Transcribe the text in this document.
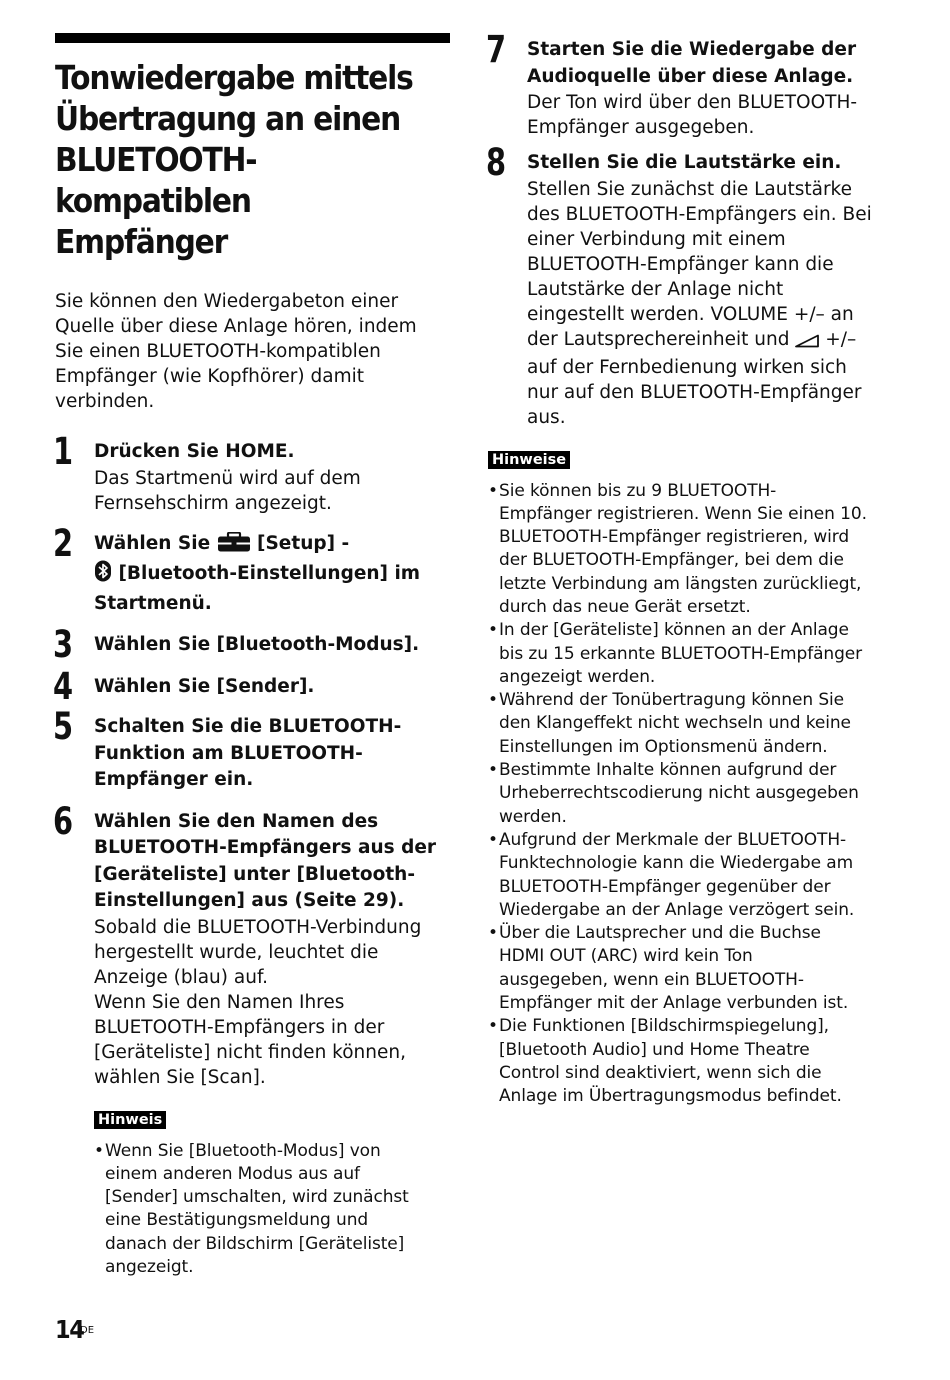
Tonwiedergabe mittels
Übertragung an einen
BLUETOOTH-kompatiblen
Empfänger
Sie können den Wiedergabeton einer
Quelle über diese Anlage hören, indem
Sie einen BLUETOOTH-kompatiblen
Empfänger (wie Kopfhörer) damit
verbinden.
1 Drücken Sie HOME.
Das Startmenü wird auf dem
Fernsehschirm angezeigt.
2 Wählen Sie	[Setup] -
[Bluetooth-Einstellungen] im
Startmenü.
3 Wählen Sie [Bluetooth-Modus].
4 Wählen Sie [Sender].
5 Schalten Sie die BLUETOOTH-
Funktion am BLUETOOTH-
Empfänger ein.
6 Wählen Sie den Namen des
BLUETOOTH-Empfängers aus der
[Geräteliste] unter [Bluetooth-
Einstellungen] aus (Seite 29).
Sobald die BLUETOOTH-Verbindung
hergestellt wurde, leuchtet die
Anzeige (blau) auf.
Wenn Sie den Namen Ihres
BLUETOOTH-Empfängers in der
[Geräteliste] nicht finden können,
wählen Sie [Scan].
Hinweis
• Wenn Sie [Bluetooth-Modus] von
einem anderen Modus aus auf
[Sender] umschalten, wird zunächst
eine Bestätigungsmeldung und
danach der Bildschirm [Geräteliste]
angezeigt.
7 Starten Sie die Wiedergabe der
Audioquelle über diese Anlage.
Der Ton wird über den BLUETOOTH-
Empfänger ausgegeben.
8 Stellen Sie die Lautstärke ein.
Stellen Sie zunächst die Lautstärke
des BLUETOOTH-Empfängers ein. Bei
einer Verbindung mit einem
BLUETOOTH-Empfänger kann die
Lautstärke der Anlage nicht
eingestellt werden. VOLUME +/– an
der Lautsprechereinheit und +/–
auf der Fernbedienung wirken sich
nur auf den BLUETOOTH-Empfänger
aus.
Hinweise
• Sie können bis zu 9 BLUETOOTH-
Empfänger registrieren. Wenn Sie einen 10.
BLUETOOTH-Empfänger registrieren, wird
der BLUETOOTH-Empfänger, bei dem die
letzte Verbindung am längsten zurückliegt,
durch das neue Gerät ersetzt.
• In der [Geräteliste] können an der Anlage
bis zu 15 erkannte BLUETOOTH-Empfänger
angezeigt werden.
• Während der Tonübertragung können Sie
den Klangeffekt nicht wechseln und keine
Einstellungen im Optionsmenü ändern.
• Bestimmte Inhalte können aufgrund der
Urheberrechtscodierung nicht ausgegeben
werden.
• Aufgrund der Merkmale der BLUETOOTH-
Funktechnologie kann die Wiedergabe am
BLUETOOTH-Empfänger gegenüber der
Wiedergabe an der Anlage verzögert sein.
• Über die Lautsprecher und die Buchse
HDMI OUT (ARC) wird kein Ton
ausgegeben, wenn ein BLUETOOTH-
Empfänger mit der Anlage verbunden ist.
• Die Funktionen [Bildschirmspiegelung],
[Bluetooth Audio] und Home Theatre
Control sind deaktiviert, wenn sich die
Anlage im Übertragungsmodus befindet.
14
DE
